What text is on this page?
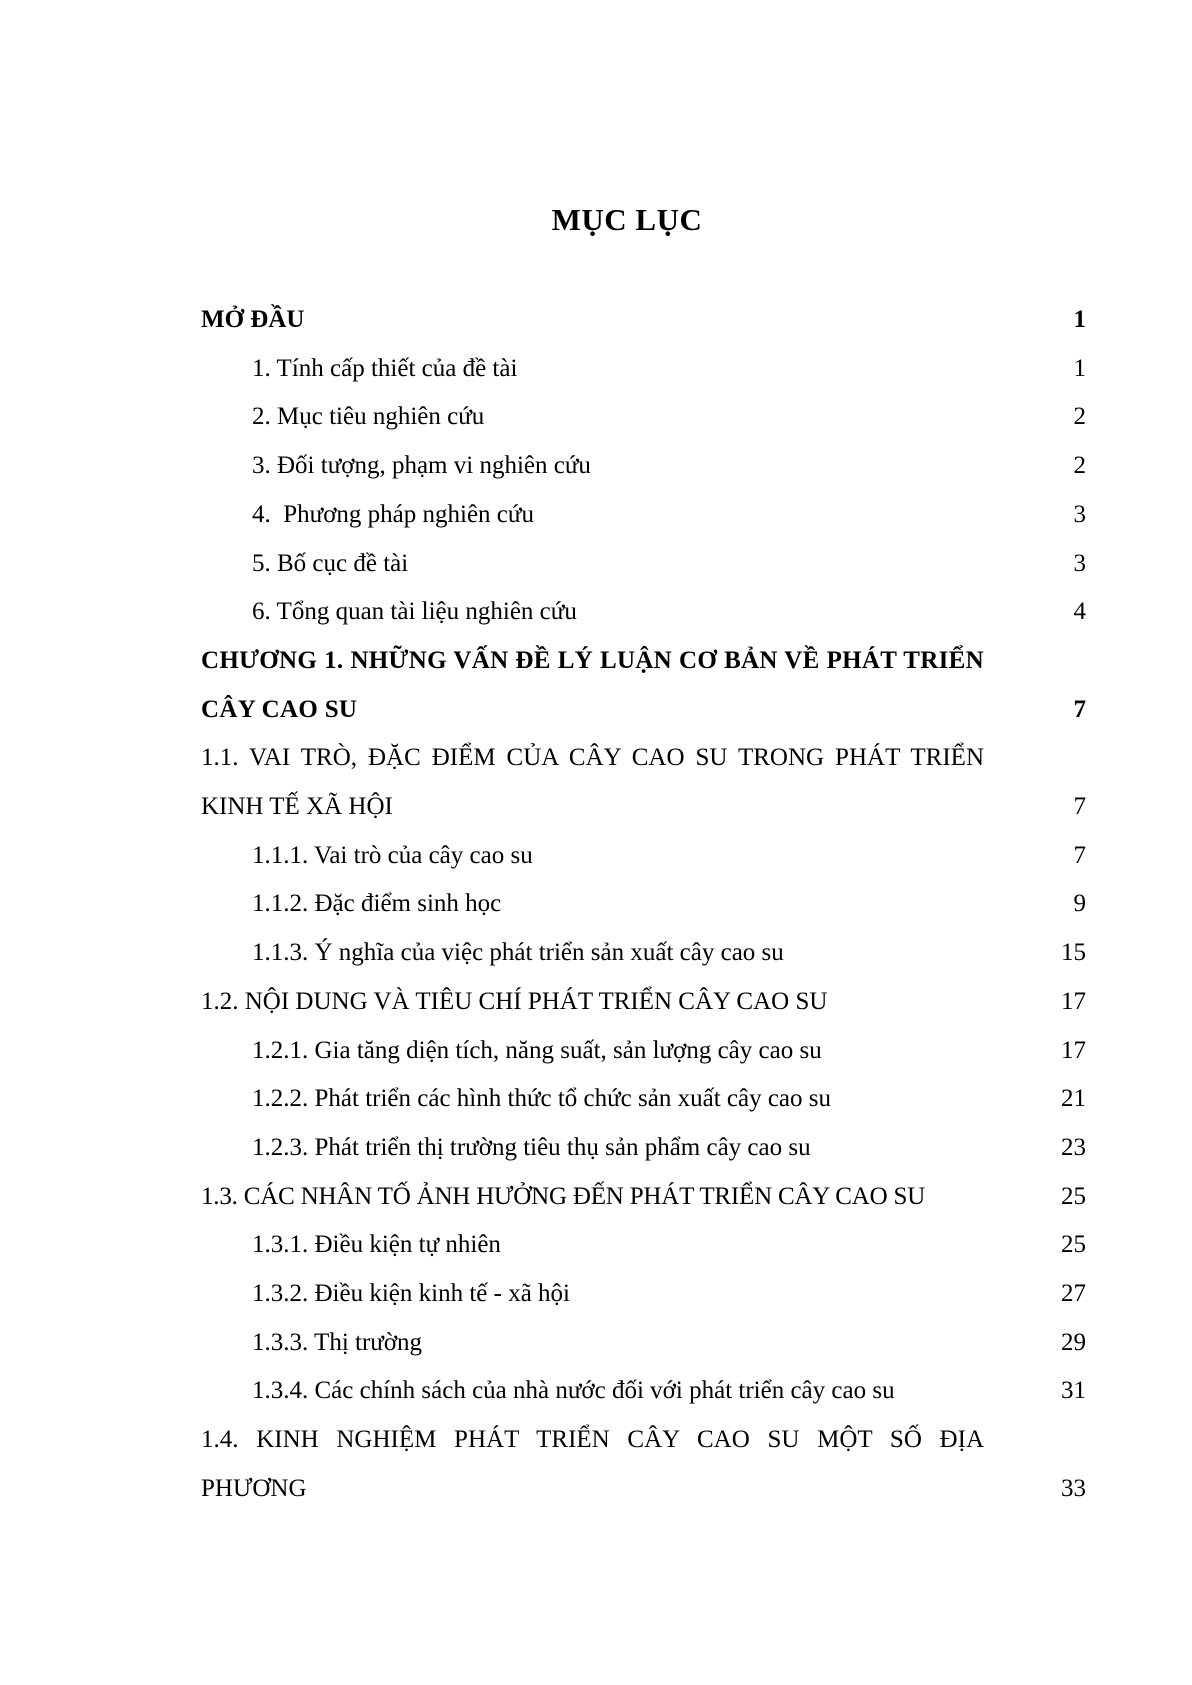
MỤC LỤC
MỞ ĐẦU	1
1. Tính cấp thiết của đề tài	1
2. Mục tiêu nghiên cứu	2
3. Đối tượng, phạm vi nghiên cứu	2
4.  Phương pháp nghiên cứu	3
5. Bố cục đề tài	3
6. Tổng quan tài liệu nghiên cứu	4
CHƯƠNG 1. NHỮNG VẤN ĐỀ LÝ LUẬN CƠ BẢN VỀ PHÁT TRIỂN CÂY CAO SU	7
1.1. VAI TRÒ, ĐẶC ĐIỂM CỦA CÂY CAO SU TRONG PHÁT TRIỂN KINH TẾ XÃ HỘI	7
1.1.1. Vai trò của cây cao su	7
1.1.2. Đặc điểm sinh học	9
1.1.3. Ý nghĩa của việc phát triển sản xuất cây cao su	15
1.2. NỘI DUNG VÀ TIÊU CHÍ PHÁT TRIỂN CÂY CAO SU	17
1.2.1. Gia tăng diện tích, năng suất, sản lượng cây cao su	17
1.2.2. Phát triển các hình thức tổ chức sản xuất cây cao su	21
1.2.3. Phát triển thị trường tiêu thụ sản phẩm cây cao su	23
1.3. CÁC NHÂN TỐ ẢNH HƯỞNG ĐẾN PHÁT TRIỂN CÂY CAO SU	25
1.3.1. Điều kiện tự nhiên	25
1.3.2. Điều kiện kinh tế - xã hội	27
1.3.3. Thị trường	29
1.3.4. Các chính sách của nhà nước đối với phát triển cây cao su	31
1.4. KINH NGHIỆM PHÁT TRIỂN CÂY CAO SU MỘT SỐ ĐỊA PHƯƠNG	33
